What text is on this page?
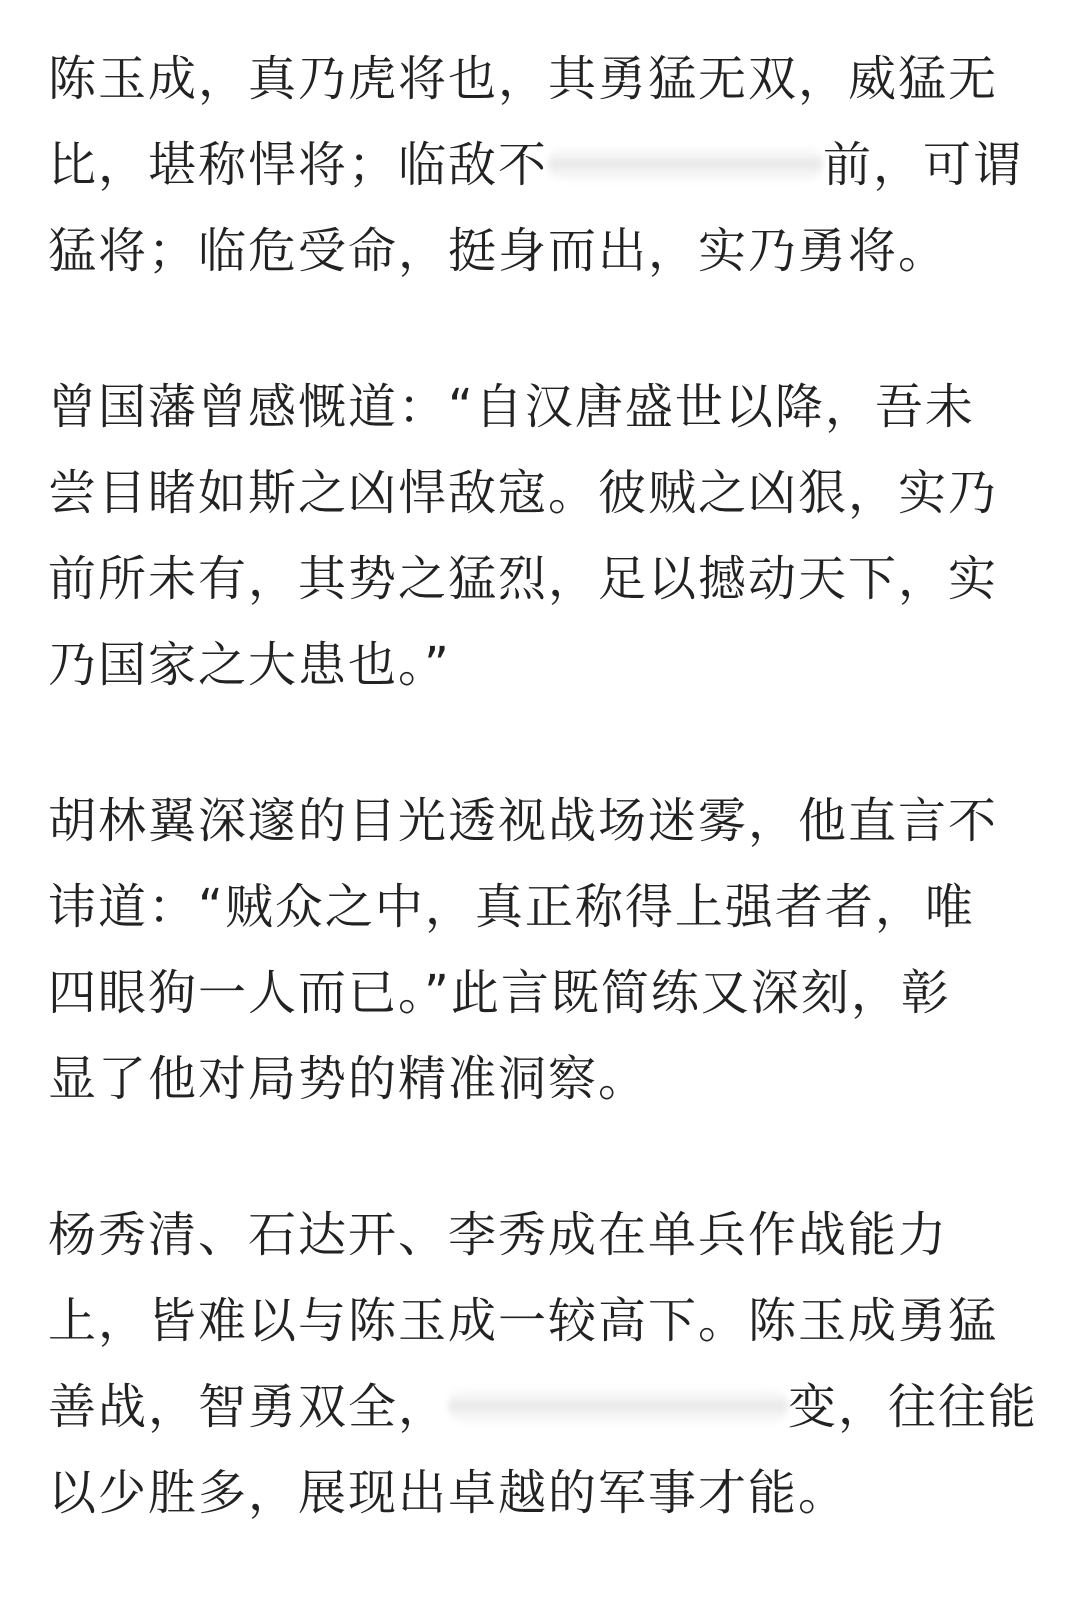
陈玉成，真乃虎将也，其勇猛无双，威猛无
比，堪称悍将；临敌不	前，可谓
猛将；临危受命，挺身而出，实乃勇将。

曾国藩曾感慨道：“自汉唐盛世以降，吾未
尝目睹如斯之凶悍敌寇。彼贼之凶狠，实乃
前所未有，其势之猛烈，足以撼动天下，实
乃国家之大患也。”

胡林翼深邃的目光透视战场迷雾，他直言不
讳道：“贼众之中，真正称得上强者者，唯
四眼狗一人而已。”此言既简练又深刻，彰
显了他对局势的精准洞察。

杨秀清、石达开、李秀成在单兵作战能力
上，皆难以与陈玉成一较高下。陈玉成勇猛
善战，智勇双全，	变，往往能
以少胜多，展现出卓越的军事才能。
